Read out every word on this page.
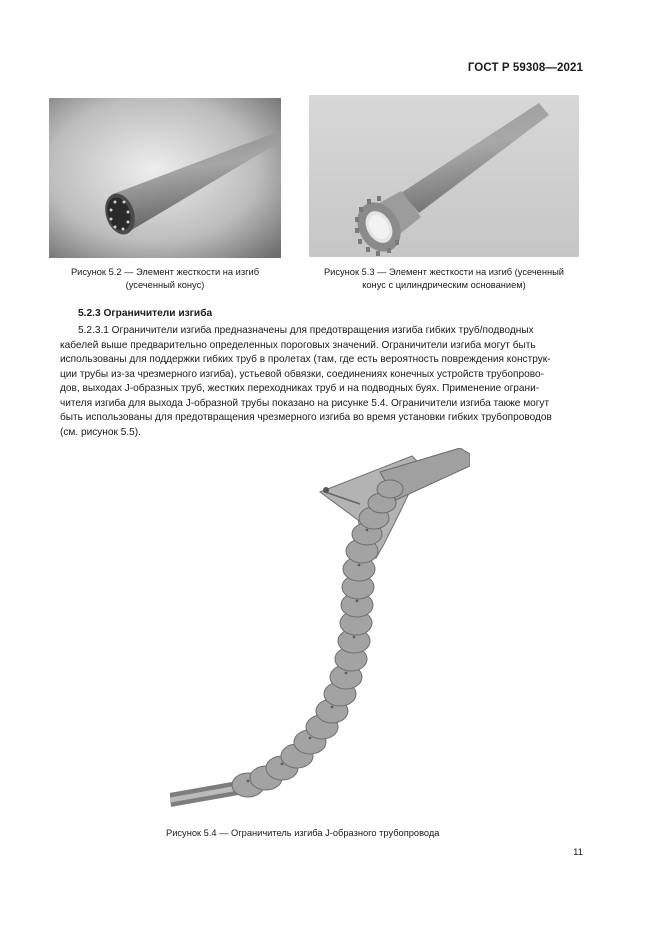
ГОСТ Р 59308—2021
Рисунок 5.2 — Элемент жесткости на изгиб
(усеченный конус)
Рисунок 5.3 — Элемент жесткости на изгиб (усеченный
конус с цилиндрическим основанием)
5.2.3 Ограничители изгиба
5.2.3.1 Ограничители изгиба предназначены для предотвращения изгиба гибких труб/подводных
кабелей выше предварительно определенных пороговых значений. Ограничители изгиба могут быть
использованы для поддержки гибких труб в пролетах (там, где есть вероятность повреждения конструк-
ции трубы из-за чрезмерного изгиба), устьевой обвязки, соединениях конечных устройств трубопрово-
дов, выходах J-образных труб, жестких переходниках труб и на подводных буях. Применение ограни-
чителя изгиба для выхода J-образной трубы показано на рисунке 5.4. Ограничители изгиба также могут
быть использованы для предотвращения чрезмерного изгиба во время установки гибких трубопроводов
(см. рисунок 5.5).
Рисунок 5.4 — Ограничитель изгиба J-образного трубопровода
11
